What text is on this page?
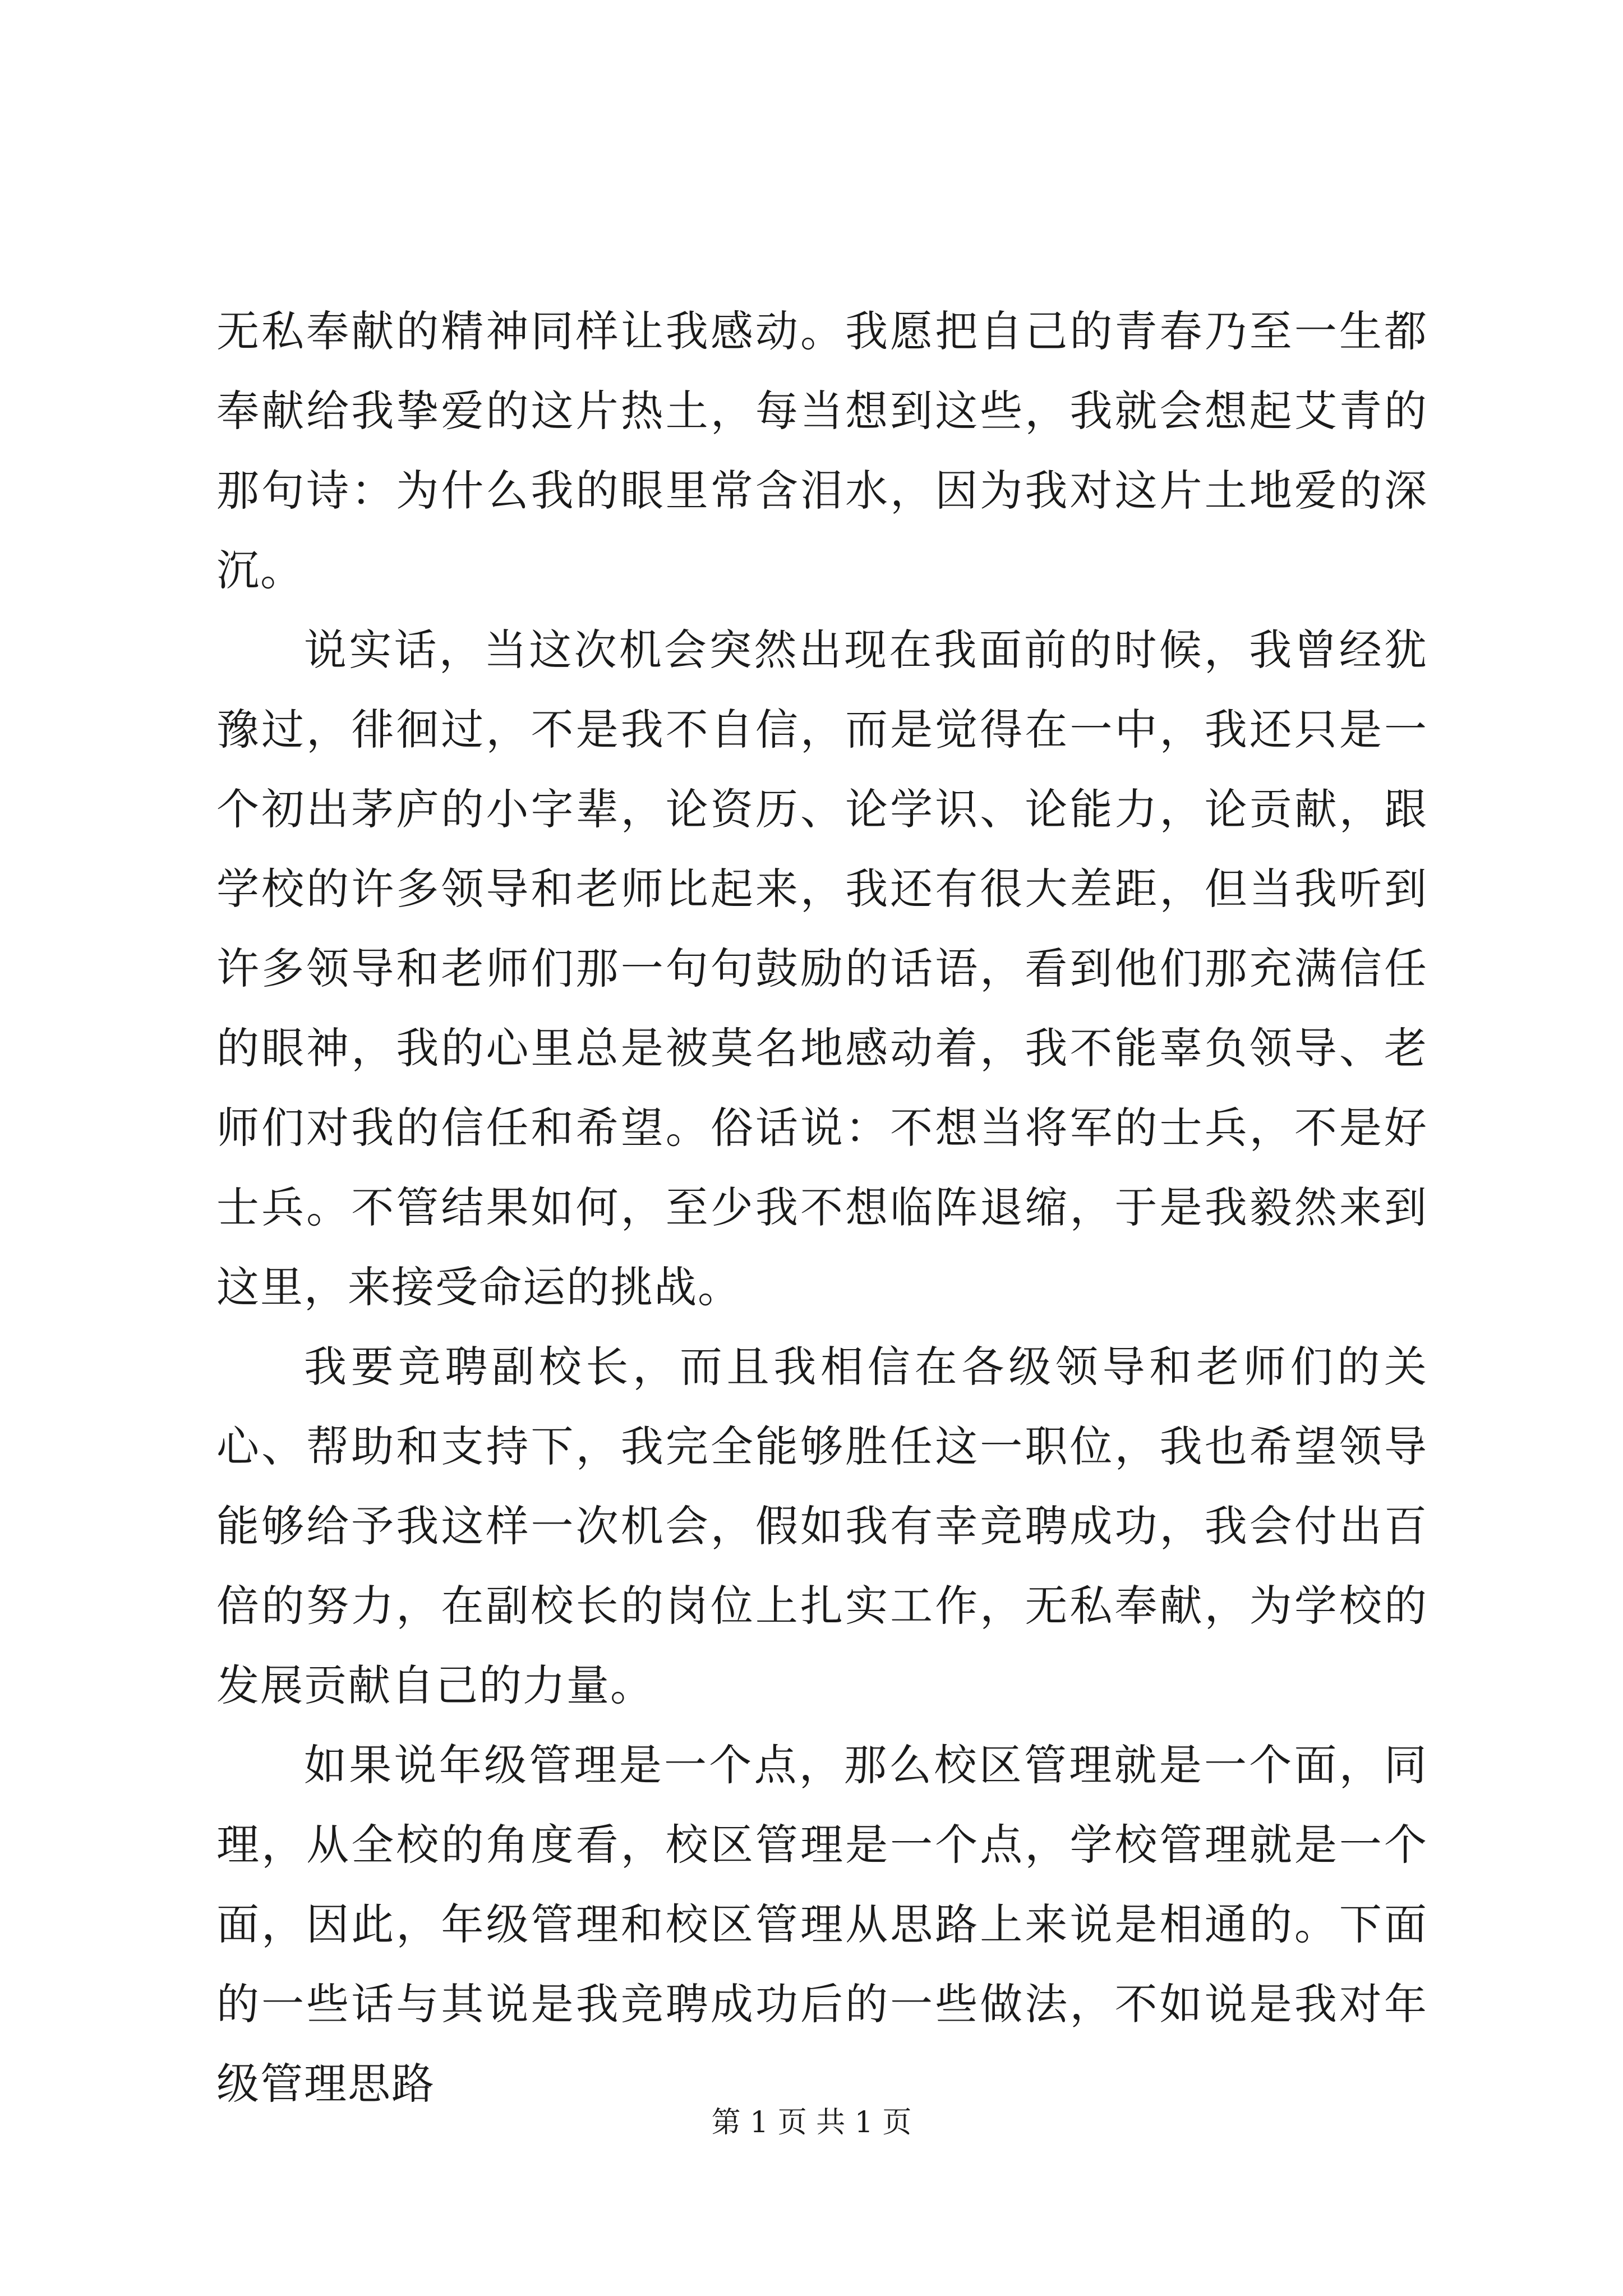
无私奉献的精神同样让我感动。我愿把自己的青春乃至一生都奉献给我挚爱的这片热土，每当想到这些，我就会想起艾青的那句诗：为什么我的眼里常含泪水，因为我对这片土地爱的深沉。

说实话，当这次机会突然出现在我面前的时候，我曾经犹豫过，徘徊过，不是我不自信，而是觉得在一中，我还只是一个初出茅庐的小字辈，论资历、论学识、论能力，论贡献，跟学校的许多领导和老师比起来，我还有很大差距，但当我听到许多领导和老师们那一句句鼓励的话语，看到他们那充满信任的眼神，我的心里总是被莫名地感动着，我不能辜负领导、老师们对我的信任和希望。俗话说：不想当将军的士兵，不是好士兵。不管结果如何，至少我不想临阵退缩，于是我毅然来到这里，来接受命运的挑战。

我要竞聘副校长，而且我相信在各级领导和老师们的关心、帮助和支持下，我完全能够胜任这一职位，我也希望领导能够给予我这样一次机会，假如我有幸竞聘成功，我会付出百倍的努力，在副校长的岗位上扎实工作，无私奉献，为学校的发展贡献自己的力量。

如果说年级管理是一个点，那么校区管理就是一个面，同理，从全校的角度看，校区管理是一个点，学校管理就是一个面，因此，年级管理和校区管理从思路上来说是相通的。下面的一些话与其说是我竞聘成功后的一些做法，不如说是我对年级管理思路

第 1 页 共 1 页
